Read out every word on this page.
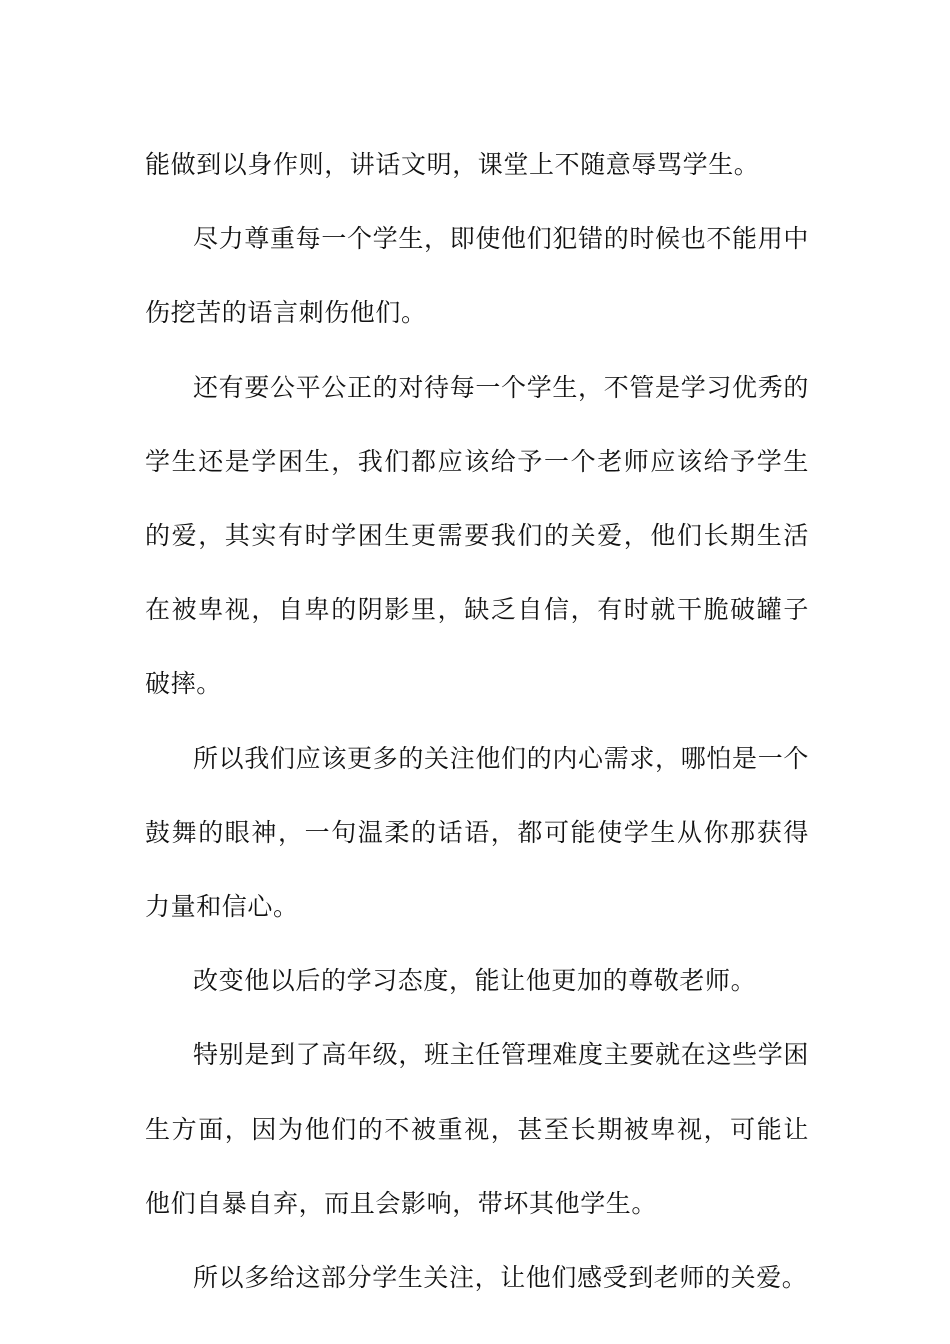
能做到以身作则，讲话文明，课堂上不随意辱骂学生。

尽力尊重每一个学生，即使他们犯错的时候也不能用中伤挖苦的语言刺伤他们。

还有要公平公正的对待每一个学生，不管是学习优秀的学生还是学困生，我们都应该给予一个老师应该给予学生的爱，其实有时学困生更需要我们的关爱，他们长期生活在被卑视，自卑的阴影里，缺乏自信，有时就干脆破罐子破摔。

所以我们应该更多的关注他们的内心需求，哪怕是一个鼓舞的眼神，一句温柔的话语，都可能使学生从你那获得力量和信心。

改变他以后的学习态度，能让他更加的尊敬老师。

特别是到了高年级，班主任管理难度主要就在这些学困生方面，因为他们的不被重视，甚至长期被卑视，可能让他们自暴自弃，而且会影响，带坏其他学生。

所以多给这部分学生关注，让他们感受到老师的关爱。
